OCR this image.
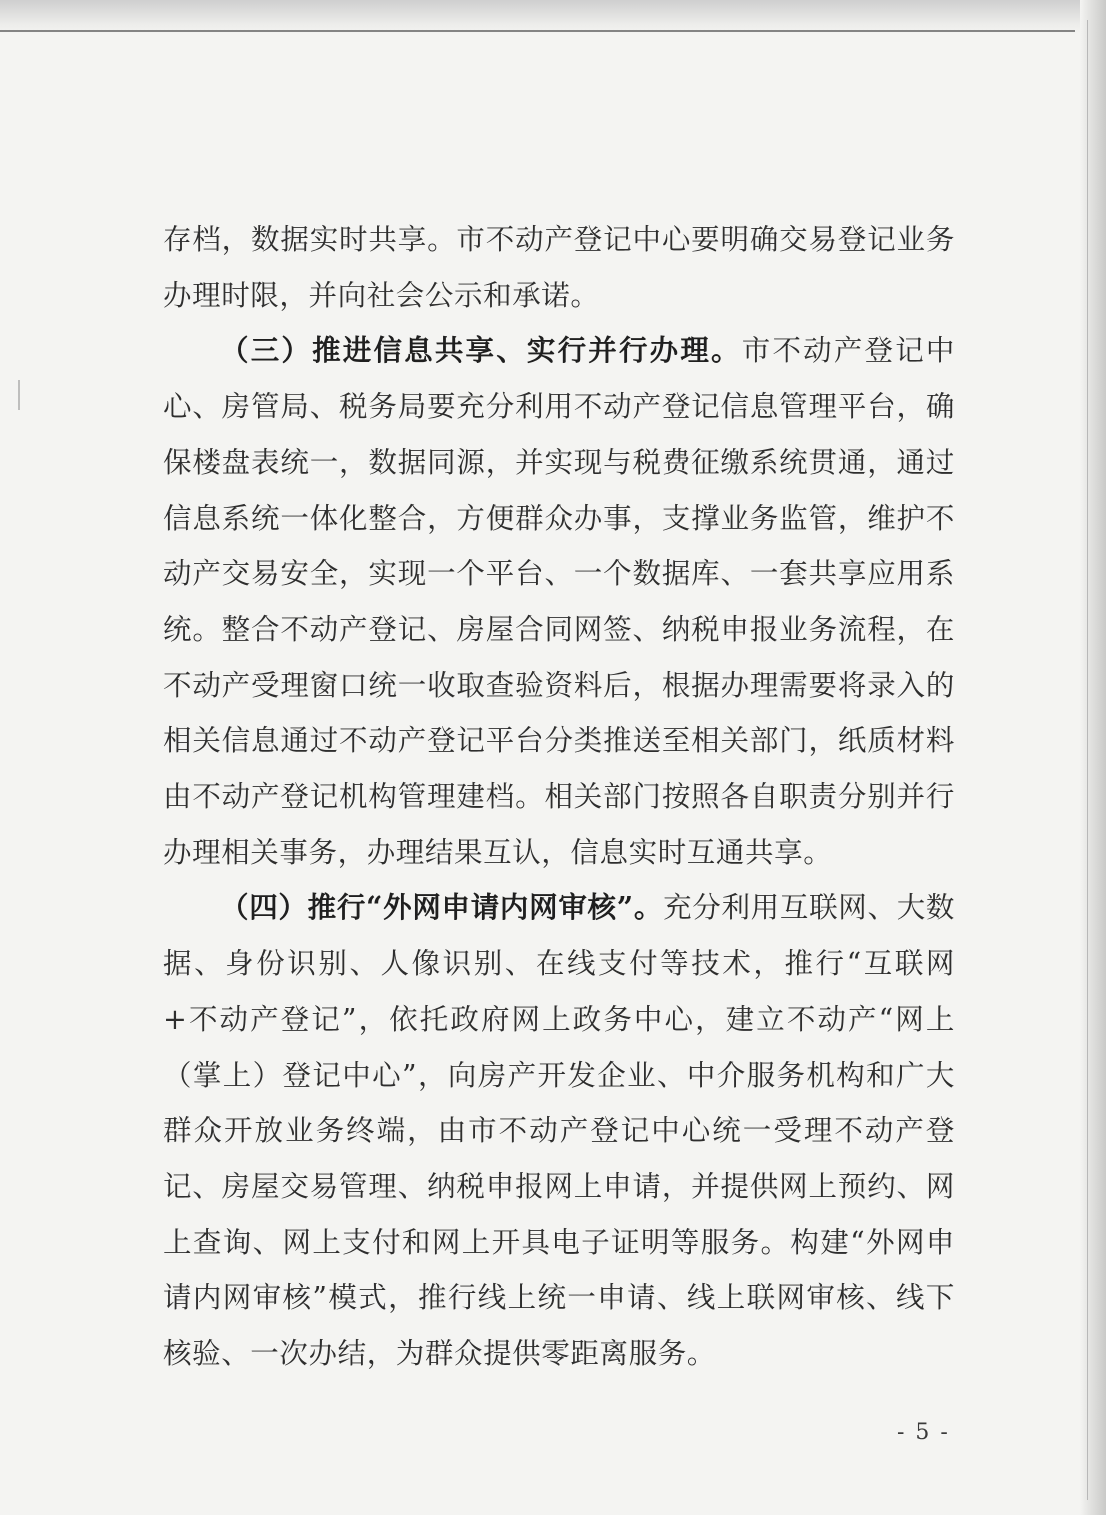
存档，数据实时共享。市不动产登记中心要明确交易登记业务办理时限，并向社会公示和承诺。

（三）推进信息共享、实行并行办理。市不动产登记中心、房管局、税务局要充分利用不动产登记信息管理平台，确保楼盘表统一，数据同源，并实现与税费征缴系统贯通，通过信息系统一体化整合，方便群众办事，支撑业务监管，维护不动产交易安全，实现一个平台、一个数据库、一套共享应用系统。整合不动产登记、房屋合同网签、纳税申报业务流程，在不动产受理窗口统一收取查验资料后，根据办理需要将录入的相关信息通过不动产登记平台分类推送至相关部门，纸质材料由不动产登记机构管理建档。相关部门按照各自职责分别并行办理相关事务，办理结果互认，信息实时互通共享。

（四）推行“外网申请内网审核”。充分利用互联网、大数据、身份识别、人像识别、在线支付等技术，推行“互联网+不动产登记”，依托政府网上政务中心，建立不动产“网上（掌上）登记中心”，向房产开发企业、中介服务机构和广大群众开放业务终端，由市不动产登记中心统一受理不动产登记、房屋交易管理、纳税申报网上申请，并提供网上预约、网上查询、网上支付和网上开具电子证明等服务。构建“外网申请内网审核”模式，推行线上统一申请、线上联网审核、线下核验、一次办结，为群众提供零距离服务。

- 5 -
